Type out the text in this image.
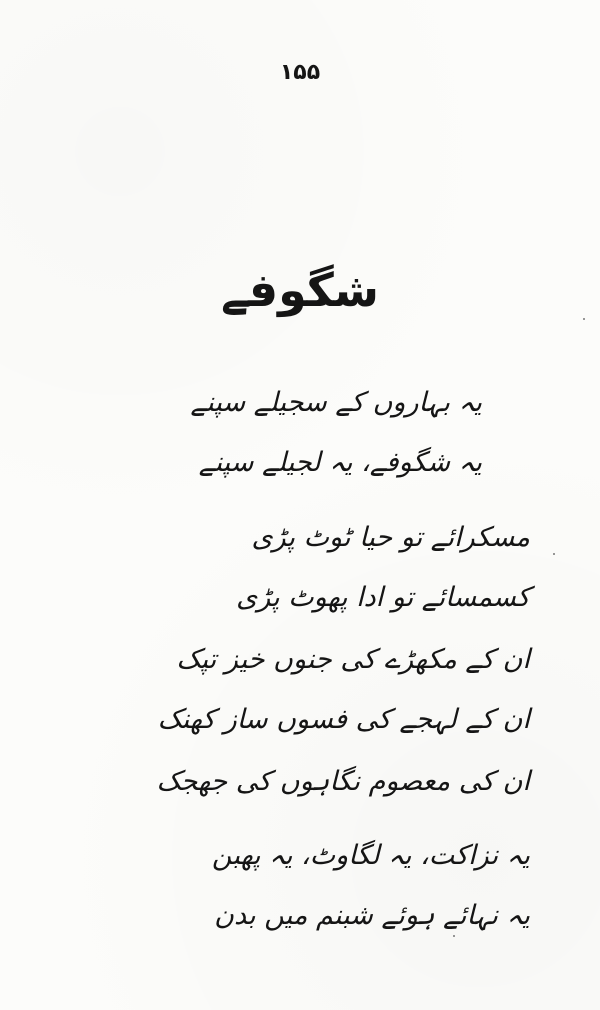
۱۵۵
شگوفے
یہ بہاروں کے سجیلے سپنے
یہ شگوفے، یہ لجیلے سپنے
مسکرائے تو حیا ٹوٹ پڑی
کسمسائے تو ادا پھوٹ پڑی
ان کے مکھڑے کی جنوں خیز تپک
ان کے لہجے کی فسوں ساز کھنک
ان کی معصوم نگاہوں کی جھجک
یہ نزاکت، یہ لگاوٹ، یہ پھبن
یہ نہائے ہوئے شبنم میں بدن
